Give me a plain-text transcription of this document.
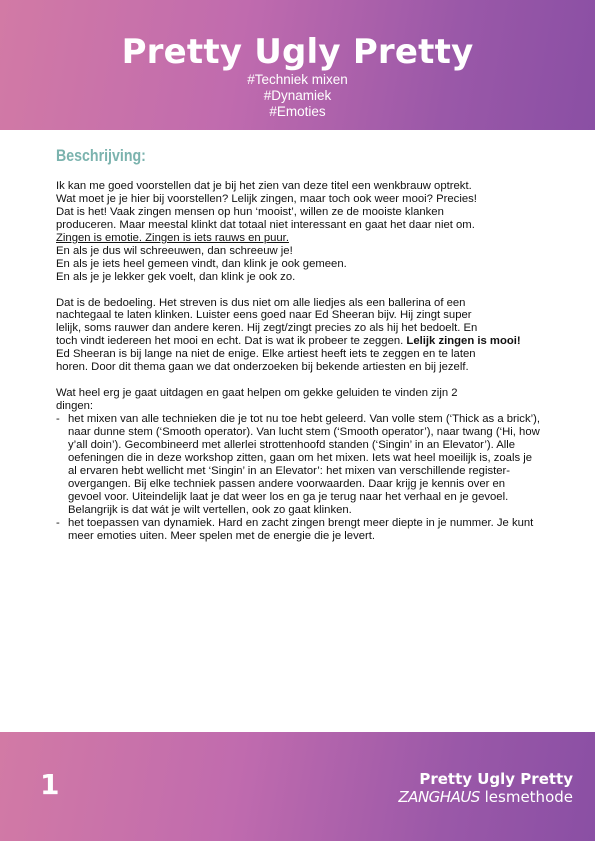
Pretty Ugly Pretty
#Techniek mixen
#Dynamiek
#Emoties
Beschrijving:

Ik kan me goed voorstellen dat je bij het zien van deze titel een wenkbrauw optrekt.

Wat moet je je hier bij voorstellen? Lelijk zingen, maar toch ook weer mooi? Precies!

Dat is het! Vaak zingen mensen op hun ‘mooist’, willen ze de mooiste klanken

produceren. Maar meestal klinkt dat totaal niet interessant en gaat het daar niet om.

Zingen is emotie. Zingen is iets rauws en puur.

En als je dus wil schreeuwen, dan schreeuw je!

En als je iets heel gemeen vindt, dan klink je ook gemeen.

En als je je lekker gek voelt, dan klink je ook zo.

Dat is de bedoeling. Het streven is dus niet om alle liedjes als een ballerina of een

nachtegaal te laten klinken. Luister eens goed naar Ed Sheeran bijv. Hij zingt super

lelijk, soms rauwer dan andere keren. Hij zegt/zingt precies zo als hij het bedoelt. En

toch vindt iedereen het mooi en echt. Dat is wat ik probeer te zeggen. Lelijk zingen is mooi!

Ed Sheeran is bij lange na niet de enige. Elke artiest heeft iets te zeggen en te laten

horen. Door dit thema gaan we dat onderzoeken bij bekende artiesten en bij jezelf.

Wat heel erg je gaat uitdagen en gaat helpen om gekke geluiden te vinden zijn 2

dingen:

- het mixen van alle technieken die je tot nu toe hebt geleerd. Van volle stem (‘Thick as a brick’), naar dunne stem (‘Smooth operator). Van lucht stem (‘Smooth operator’), naar twang (‘Hi, how y’all doin’). Gecombineerd met allerlei strottenhoofd standen (‘Singin’ in an Elevator’). Alle oefeningen die in deze workshop zitten, gaan om het mixen. Iets wat heel moeilijk is, zoals je al ervaren hebt wellicht met ‘Singin’ in an Elevator’: het mixen van verschillende register-overgangen. Bij elke techniek passen andere voorwaarden. Daar krijg je kennis over en gevoel voor. Uiteindelijk laat je dat weer los en ga je terug naar het verhaal en je gevoel. Belangrijk is dat wát je wilt vertellen, ook zo gaat klinken.
- het toepassen van dynamiek. Hard en zacht zingen brengt meer diepte in je nummer. Je kunt meer emoties uiten. Meer spelen met de energie die je levert.
1	Pretty Ugly Pretty
ZANGHAUS lesmethode
